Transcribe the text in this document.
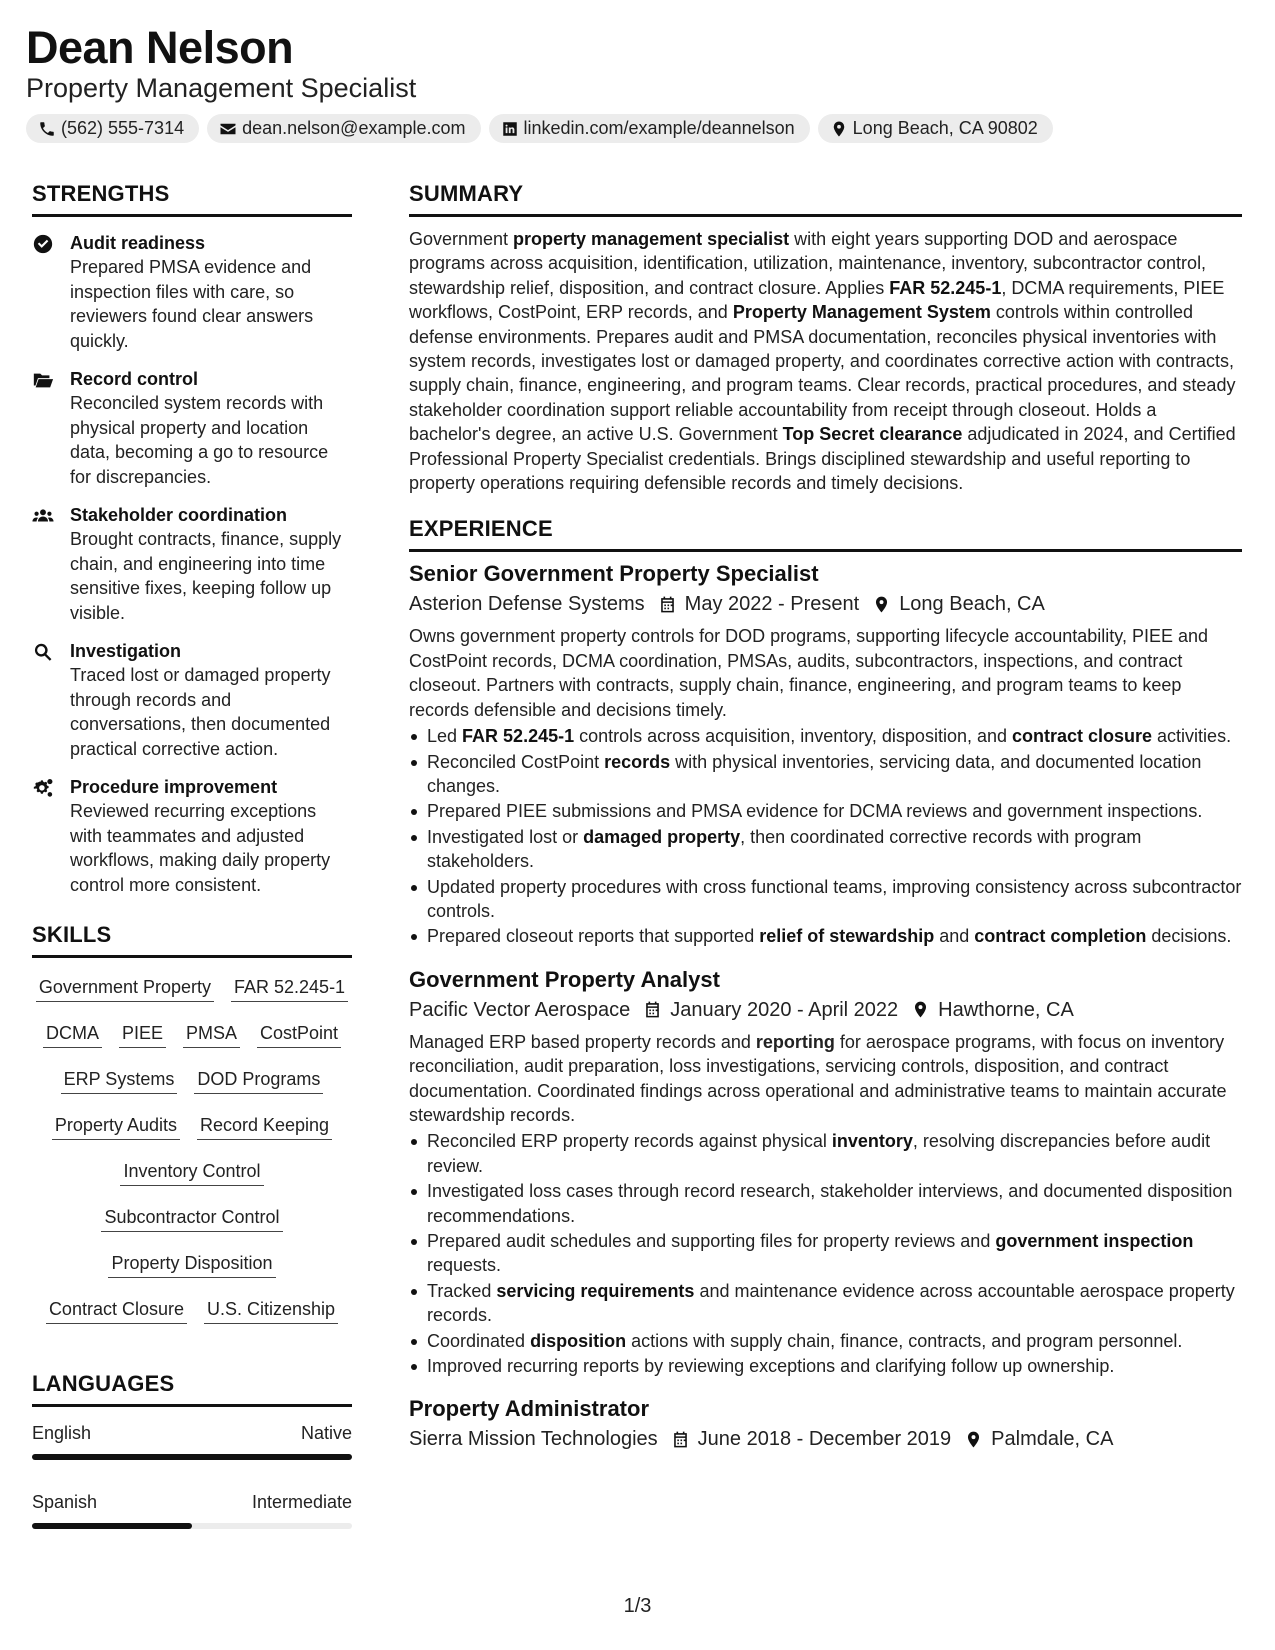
Dean Nelson
Property Management Specialist
(562) 555-7314	dean.nelson@example.com	linkedin.com/example/deannelson	Long Beach, CA 90802
STRENGTHS
Audit readiness
Prepared PMSA evidence and inspection files with care, so reviewers found clear answers quickly.
Record control
Reconciled system records with physical property and location data, becoming a go to resource for discrepancies.
Stakeholder coordination
Brought contracts, finance, supply chain, and engineering into time sensitive fixes, keeping follow up visible.
Investigation
Traced lost or damaged property through records and conversations, then documented practical corrective action.
Procedure improvement
Reviewed recurring exceptions with teammates and adjusted workflows, making daily property control more consistent.
SKILLS
Government Property FAR 52.245-1
DCMA PIEE PMSA CostPoint
ERP Systems DOD Programs
Property Audits Record Keeping
Inventory Control
Subcontractor Control
Property Disposition
Contract Closure U.S. Citizenship
LANGUAGES
English	Native
Spanish	Intermediate
SUMMARY

Government property management specialist with eight years supporting DOD and aerospace programs across acquisition, identification, utilization, maintenance, inventory, subcontractor control, stewardship relief, disposition, and contract closure. Applies FAR 52.245-1, DCMA requirements, PIEE workflows, CostPoint, ERP records, and Property Management System controls within controlled defense environments. Prepares audit and PMSA documentation, reconciles physical inventories with system records, investigates lost or damaged property, and coordinates corrective action with contracts, supply chain, finance, engineering, and program teams. Clear records, practical procedures, and steady stakeholder coordination support reliable accountability from receipt through closeout. Holds a bachelor's degree, an active U.S. Government Top Secret clearance adjudicated in 2024, and Certified Professional Property Specialist credentials. Brings disciplined stewardship and useful reporting to property operations requiring defensible records and timely decisions.

EXPERIENCE
Senior Government Property Specialist
Asterion Defense Systems May 2022 - Present Long Beach, CA

Owns government property controls for DOD programs, supporting lifecycle accountability, PIEE and CostPoint records, DCMA coordination, PMSAs, audits, subcontractors, inspections, and contract closeout. Partners with contracts, supply chain, finance, engineering, and program teams to keep records defensible and decisions timely.

Led FAR 52.245-1 controls across acquisition, inventory, disposition, and contract closure activities.
Reconciled CostPoint records with physical inventories, servicing data, and documented location changes.
Prepared PIEE submissions and PMSA evidence for DCMA reviews and government inspections.
Investigated lost or damaged property, then coordinated corrective records with program stakeholders.
Updated property procedures with cross functional teams, improving consistency across subcontractor controls.
Prepared closeout reports that supported relief of stewardship and contract completion decisions.
Government Property Analyst
Pacific Vector Aerospace January 2020 - April 2022 Hawthorne, CA

Managed ERP based property records and reporting for aerospace programs, with focus on inventory reconciliation, audit preparation, loss investigations, servicing controls, disposition, and contract documentation. Coordinated findings across operational and administrative teams to maintain accurate stewardship records.

Reconciled ERP property records against physical inventory, resolving discrepancies before audit review.
Investigated loss cases through record research, stakeholder interviews, and documented disposition recommendations.
Prepared audit schedules and supporting files for property reviews and government inspection requests.
Tracked servicing requirements and maintenance evidence across accountable aerospace property records.
Coordinated disposition actions with supply chain, finance, contracts, and program personnel.
Improved recurring reports by reviewing exceptions and clarifying follow up ownership.
Property Administrator
Sierra Mission Technologies June 2018 - December 2019 Palmdale, CA
1/3
